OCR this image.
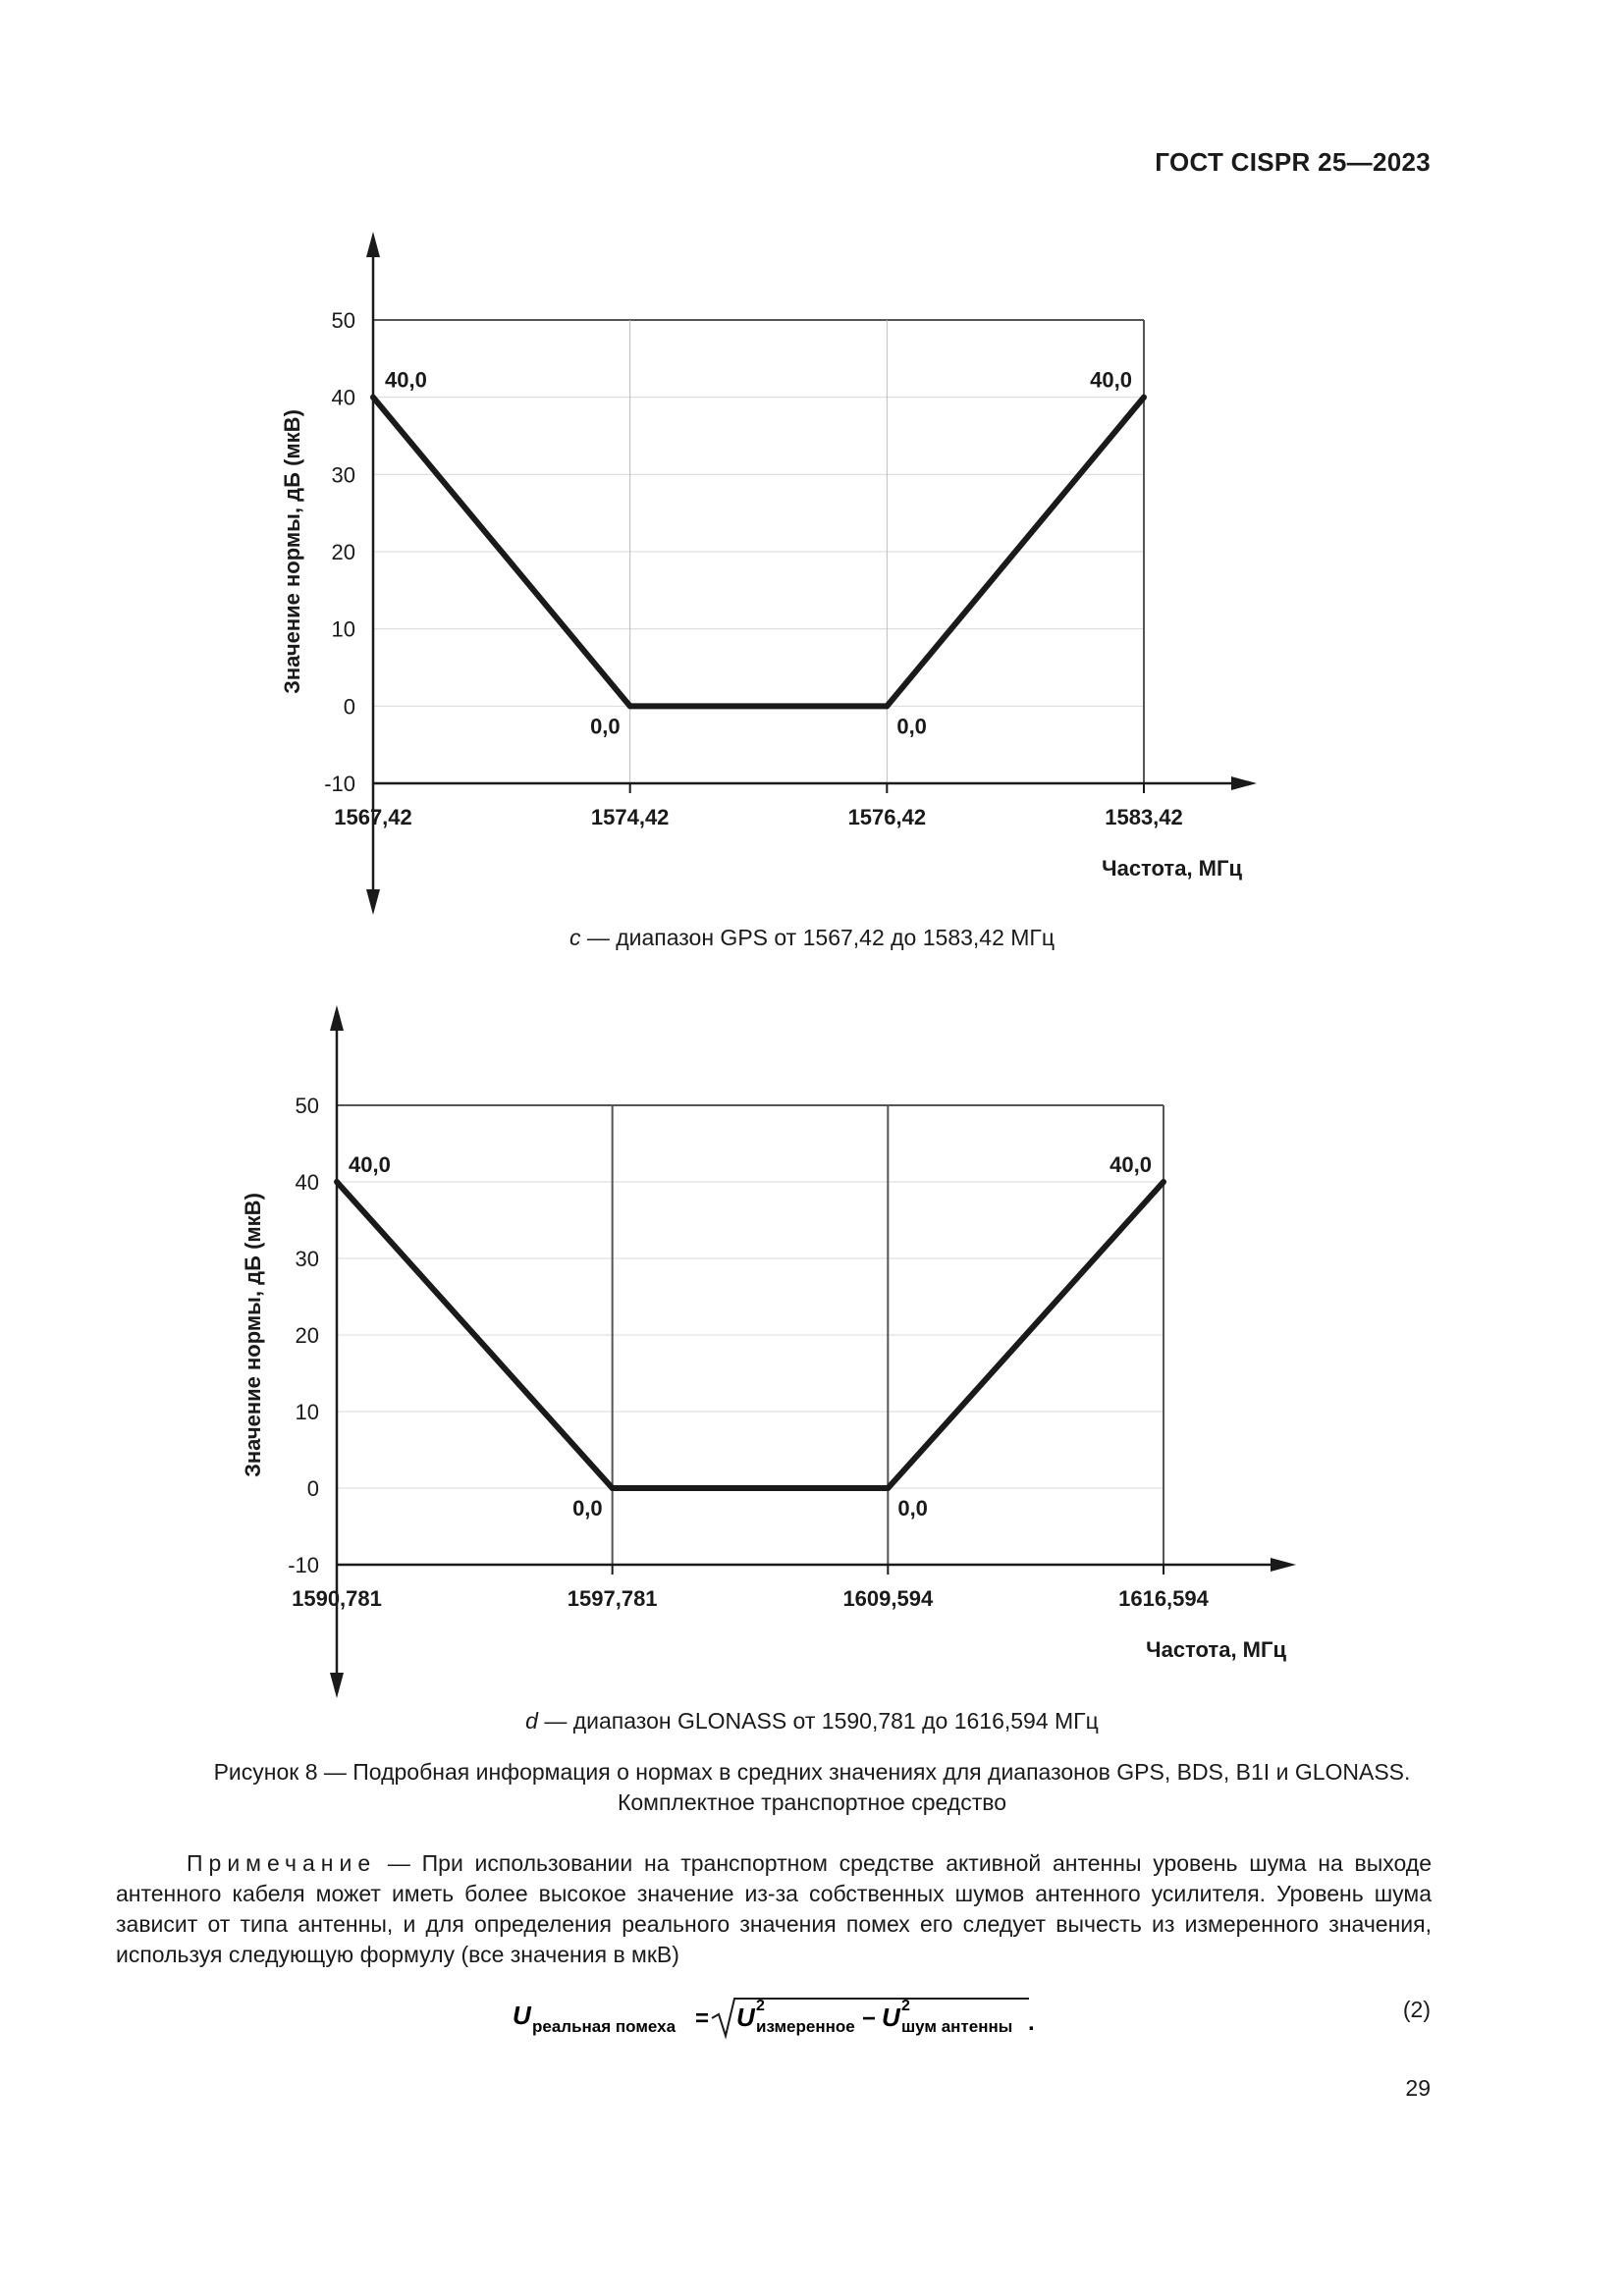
ГОСТ CISPR 25—2023
50
40
30
20
10
0
-10
1567,42	1574,42	1576,42	1583,42
40,0
0,0	0,0
40,0
Значение нормы, дБ (мкВ)
Частота, МГц
c — диапазон GPS от 1567,42 до 1583,42 МГц
50
40
30
20
10
0
-10
1590,781	1597,781	1609,594	1616,594
40,0
0,0	0,0
40,0
Значение нормы, дБ (мкВ)
Частота, МГц
d — диапазон GLONASS от 1590,781 до 1616,594 МГц
Рисунок 8 — Подробная информация о нормах в средних значениях для диапазонов GPS, BDS, B1I и GLONASS.
Комплектное транспортное средство
Примечание — При использовании на транспортном средстве активной антенны уровень шума на выходе антенного кабеля может иметь более высокое значение из-за собственных шумов антенного усилителя. Уровень шума зависит от типа антенны, и для определения реального значения помех его следует вычесть из измеренного значения, используя следующую формулу (все значения в мкВ)
U реальная помеха = U 2
измеренное − U 2
шум антенны .	(2)
29
